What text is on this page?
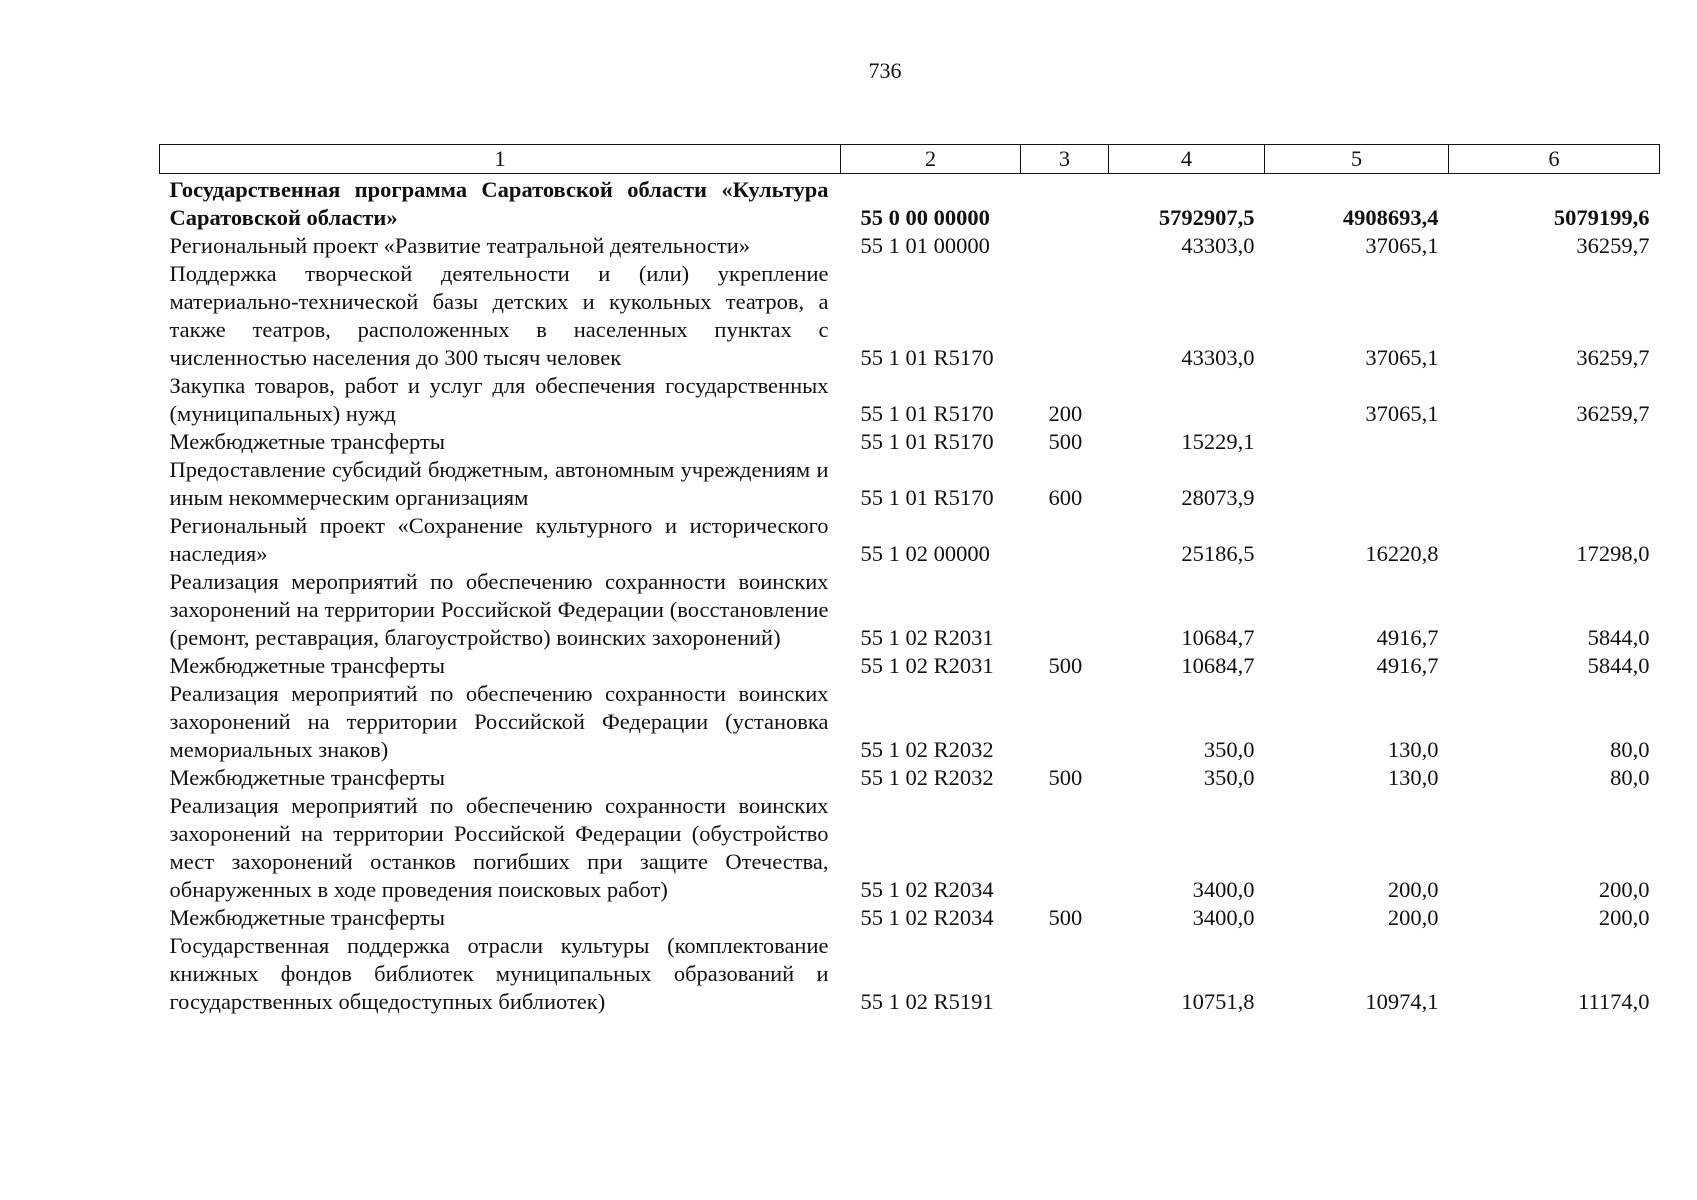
736
1	2	3	4	5	6
Государственная программа Саратовской области «Культура Саратовской области»	55 0 00 00000		5792907,5	4908693,4	5079199,6
Региональный проект «Развитие театральной деятельности»	55 1 01 00000		43303,0	37065,1	36259,7
Поддержка творческой деятельности и (или) укрепление материально-технической базы детских и кукольных театров, а также театров, расположенных в населенных пунктах с численностью населения до 300 тысяч человек	55 1 01 R5170		43303,0	37065,1	36259,7
Закупка товаров, работ и услуг для обеспечения государственных (муниципальных) нужд	55 1 01 R5170	200		37065,1	36259,7
Межбюджетные трансферты	55 1 01 R5170	500	15229,1		
Предоставление субсидий бюджетным, автономным учреждениям и иным некоммерческим организациям	55 1 01 R5170	600	28073,9		
Региональный проект «Сохранение культурного и исторического наследия»	55 1 02 00000		25186,5	16220,8	17298,0
Реализация мероприятий по обеспечению сохранности воинских захоронений на территории Российской Федерации (восстановление (ремонт, реставрация, благоустройство) воинских захоронений)	55 1 02 R2031		10684,7	4916,7	5844,0
Межбюджетные трансферты	55 1 02 R2031	500	10684,7	4916,7	5844,0
Реализация мероприятий по обеспечению сохранности воинских захоронений на территории Российской Федерации (установка мемориальных знаков)	55 1 02 R2032		350,0	130,0	80,0
Межбюджетные трансферты	55 1 02 R2032	500	350,0	130,0	80,0
Реализация мероприятий по обеспечению сохранности воинских захоронений на территории Российской Федерации (обустройство мест захоронений останков погибших при защите Отечества, обнаруженных в ходе проведения поисковых работ)	55 1 02 R2034		3400,0	200,0	200,0
Межбюджетные трансферты	55 1 02 R2034	500	3400,0	200,0	200,0
Государственная поддержка отрасли культуры (комплектование книжных фондов библиотек муниципальных образований и государственных общедоступных библиотек)	55 1 02 R5191		10751,8	10974,1	11174,0
